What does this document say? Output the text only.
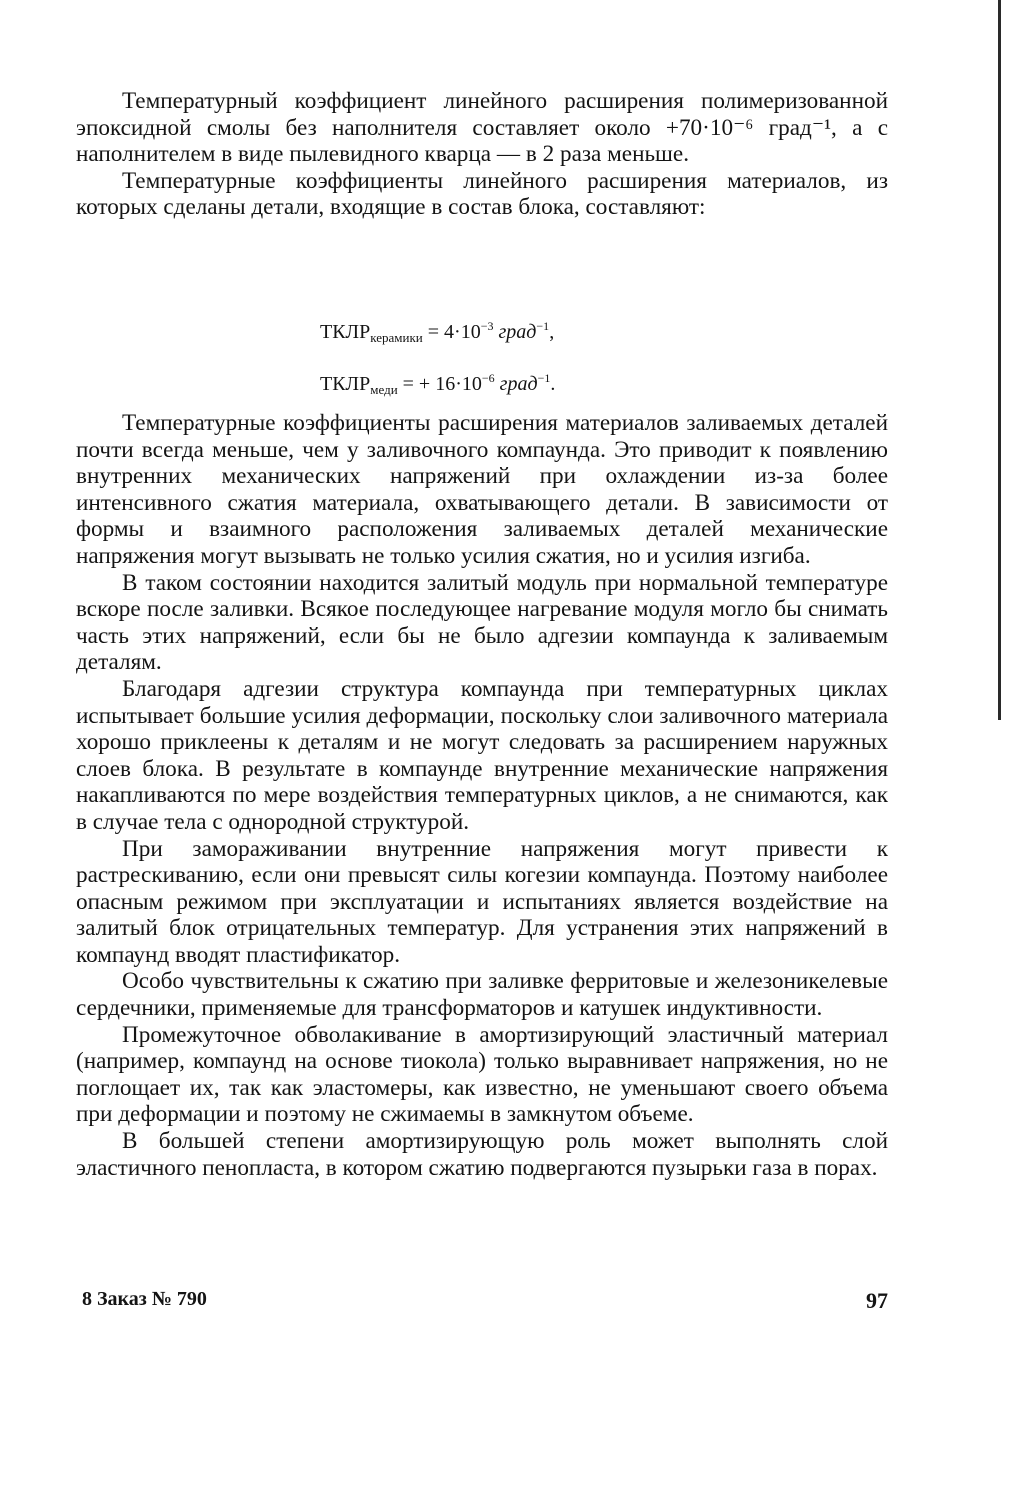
Температурный коэффициент линейного расширения полимеризованной эпоксидной смолы без наполнителя составляет около +70·10⁻⁶ град⁻¹, а с наполнителем в виде пылевидного кварца — в 2 раза меньше.

Температурные коэффициенты линейного расширения материалов, из которых сделаны детали, входящие в состав блока, составляют:

$ТКЛР_{керамики} = 4\cdot 10^{-3}$ град$^{-1}$,
$ТКЛР_{меди}$ = + $16\cdot 10^{-6}$ град$^{-1}$.

Температурные коэффициенты расширения материалов заливаемых деталей почти всегда меньше, чем у заливочного компаунда. Это приводит к появлению внутренних механических напряжений при охлаждении из-за более интенсивного сжатия материала, охватывающего детали. В зависимости от формы и взаимного расположения заливаемых деталей механические напряжения могут вызывать не только усилия сжатия, но и усилия изгиба.

В таком состоянии находится залитый модуль при нормальной температуре вскоре после заливки. Всякое последующее нагревание модуля могло бы снимать часть этих напряжений, если бы не было адгезии компаунда к заливаемым деталям.

Благодаря адгезии структура компаунда при температурных циклах испытывает большие усилия деформации, поскольку слои заливочного материала хорошо приклеены к деталям и не могут следовать за расширением наружных слоев блока. В результате в компаунде внутренние механические напряжения накапливаются по мере воздействия температурных циклов, а не снимаются, как в случае тела с однородной структурой.

При замораживании внутренние напряжения могут привести к растрескиванию, если они превысят силы когезии компаунда. Поэтому наиболее опасным режимом при эксплуатации и испытаниях является воздействие на залитый блок отрицательных температур. Для устранения этих напряжений в компаунд вводят пластификатор.

Особо чувствительны к сжатию при заливке ферритовые и железоникелевые сердечники, применяемые для трансформаторов и катушек индуктивности.

Промежуточное обволакивание в амортизирующий эластичный материал (например, компаунд на основе тиокола) только выравнивает напряжения, но не поглощает их, так как эластомеры, как известно, не уменьшают своего объема при деформации и поэтому не сжимаемы в замкнутом объеме.

В большей степени амортизирующую роль может выполнять слой эластичного пенопласта, в котором сжатию подвергаются пузырьки газа в порах.

8 Заказ № 790	97
